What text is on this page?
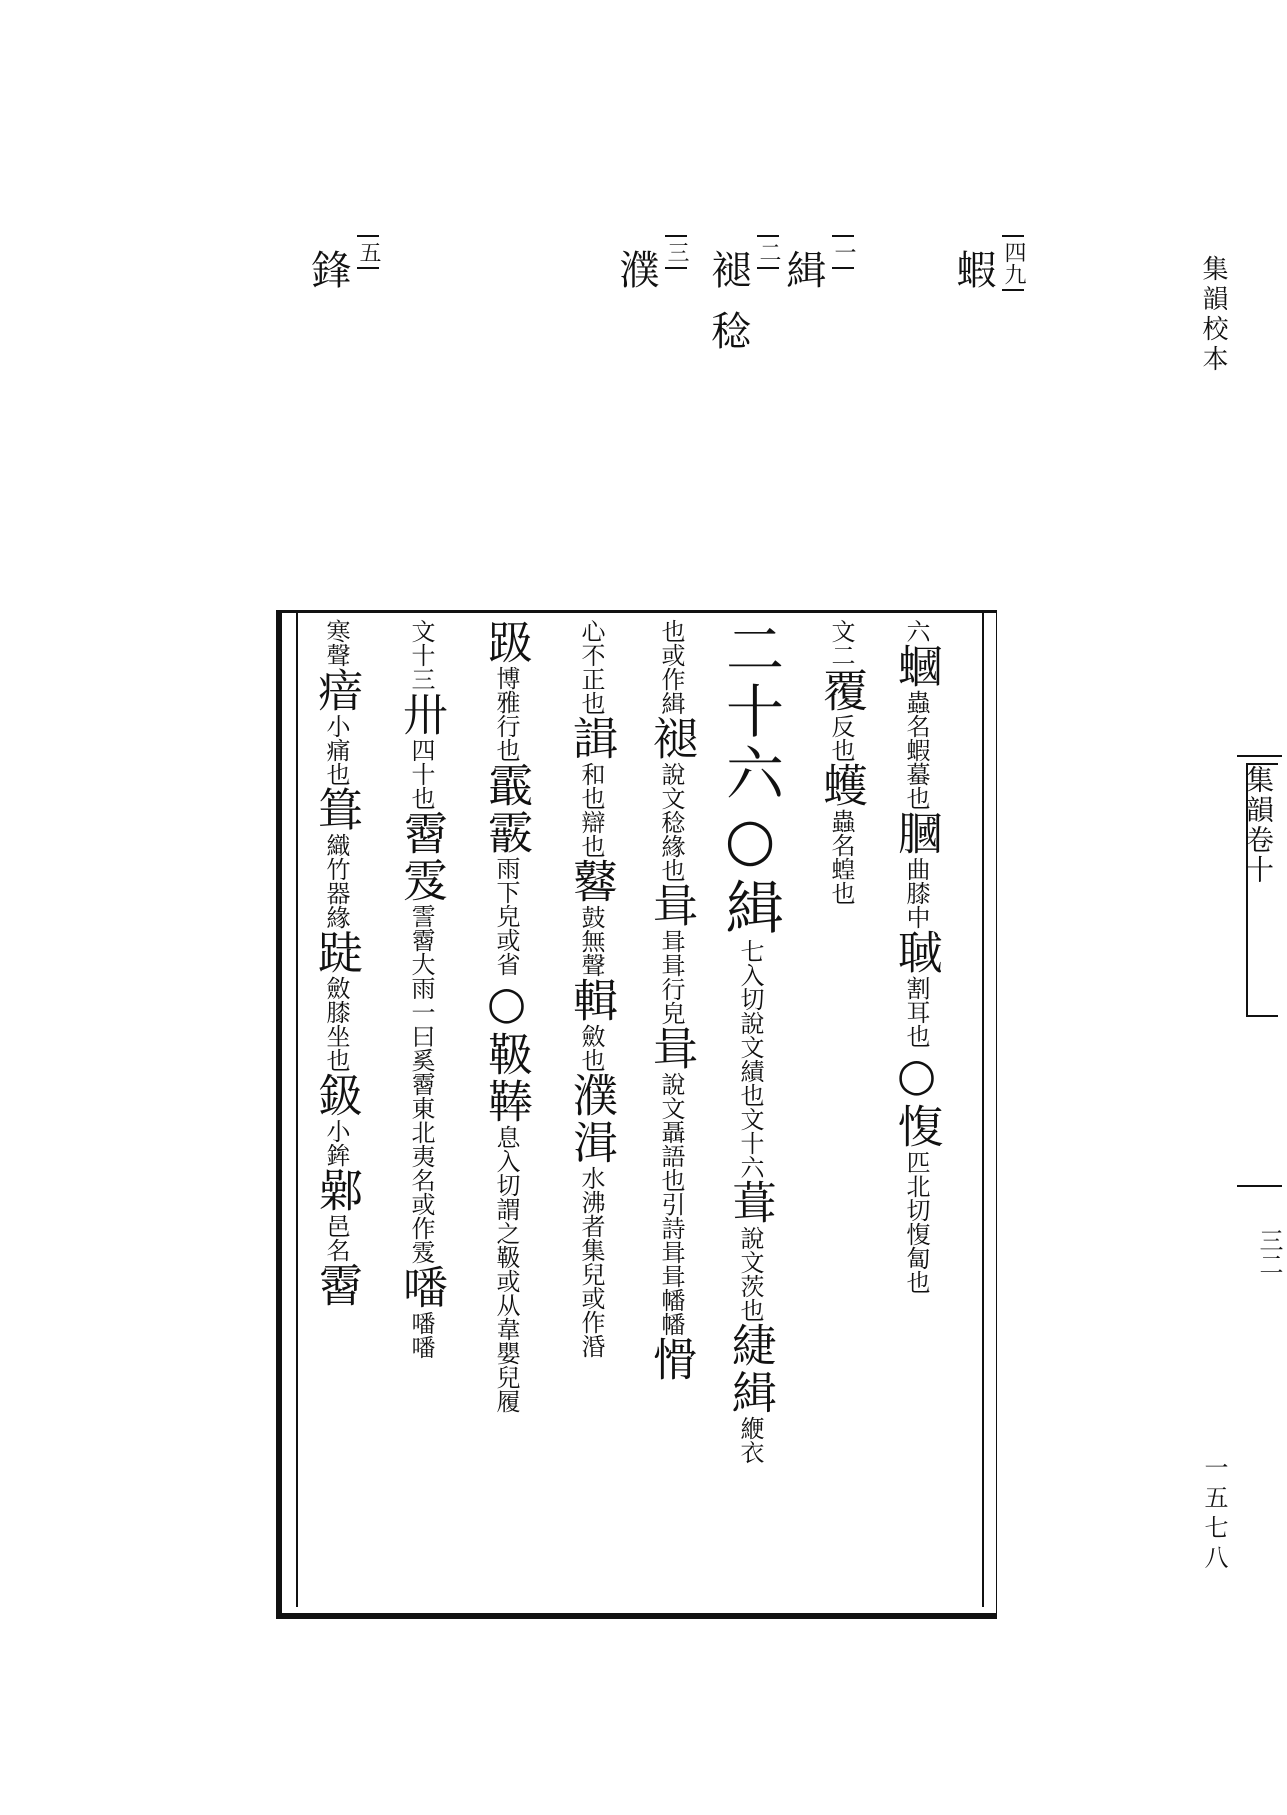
集韻校本
一五七八
四九
蝦
一
緝
二
褪 稔
三
濮
五
鋒
六蟈蟲名蝦蟇也膕曲膝中聝割耳也○愎匹北切愎匐也
文二覆反也蠖蟲名蝗也
二十六○緝七入切說文績也文十六葺說文茨也緁緝緶衣
也或作緝褪說文稔緣也咠咠咠行皃咠說文聶語也引詩咠咠幡幡愲
心不正也諿和也辯也鼛鼓無聲輯斂也濮湒水沸者集兒或作涽
趿博雅行也霵霰雨下皃或省○靸䩬息入切謂之靸或从韋嬰兒履
文十三卅四十也霫雭霅霫大雨一曰奚霫東北夷名或作雭噃噃噃
寒聲瘖小痛也箿織竹器緣跿斂膝坐也鈒小鉾鄵邑名霫
集韻卷十
三二
